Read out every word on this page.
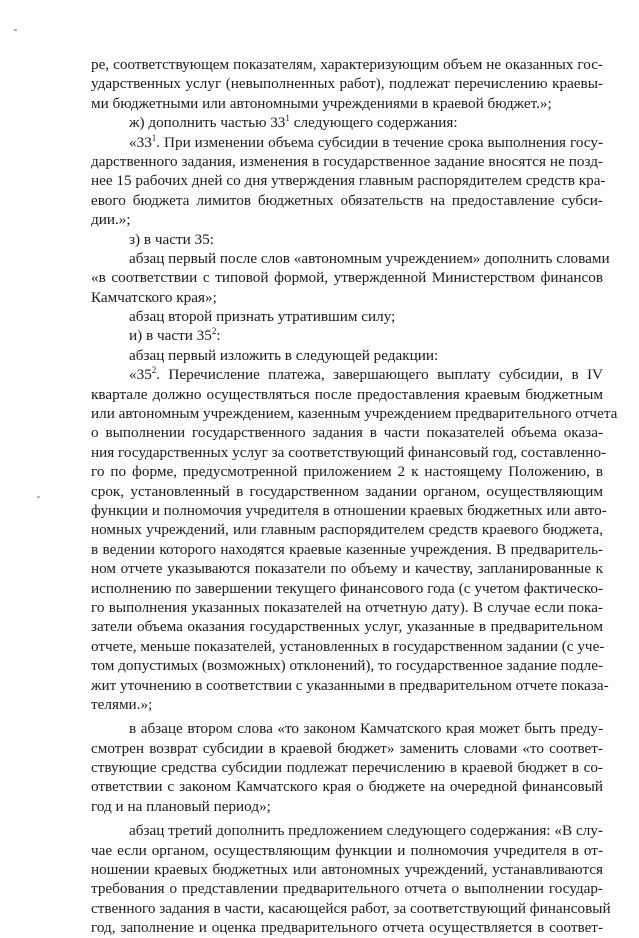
ре, соответствующем показателям, характеризующим объем не оказанных гос-
ударственных услуг (невыполненных работ), подлежат перечислению краевы-
ми бюджетными или автономными учреждениями в краевой бюджет.»;
ж) дополнить частью $33^1$ следующего содержания:
«$33^1$. При изменении объема субсидии в течение срока выполнения госу-
дарственного задания, изменения в государственное задание вносятся не позд-
нее 15 рабочих дней со дня утверждения главным распорядителем средств кра-
евого бюджета лимитов бюджетных обязательств на предоставление субси-
дии.»;
з) в части 35:
абзац первый после слов «автономным учреждением» дополнить словами
«в соответствии с типовой формой, утвержденной Министерством финансов
Камчатского края»;
абзац второй признать утратившим силу;
и) в части $35^2$:
абзац первый изложить в следующей редакции:
«$35^2$. Перечисление платежа, завершающего выплату субсидии, в IV
квартале должно осуществляться после предоставления краевым бюджетным
или автономным учреждением, казенным учреждением предварительного отчета
о выполнении государственного задания в части показателей объема оказа-
ния государственных услуг за соответствующий финансовый год, составленно-
го по форме, предусмотренной приложением 2 к настоящему Положению, в
срок, установленный в государственном задании органом, осуществляющим
функции и полномочия учредителя в отношении краевых бюджетных или авто-
номных учреждений, или главным распорядителем средств краевого бюджета,
в ведении которого находятся краевые казенные учреждения. В предваритель-
ном отчете указываются показатели по объему и качеству, запланированные к
исполнению по завершении текущего финансового года (с учетом фактическо-
го выполнения указанных показателей на отчетную дату). В случае если пока-
затели объема оказания государственных услуг, указанные в предварительном
отчете, меньше показателей, установленных в государственном задании (с уче-
том допустимых (возможных) отклонений), то государственное задание подле-
жит уточнению в соответствии с указанными в предварительном отчете показа-
телями.»;
в абзаце втором слова «то законом Камчатского края может быть преду-
смотрен возврат субсидии в краевой бюджет» заменить словами «то соответ-
ствующие средства субсидии подлежат перечислению в краевой бюджет в со-
ответствии с законом Камчатского края о бюджете на очередной финансовый
год и на плановый период»;
абзац третий дополнить предложением следующего содержания: «В слу-
чае если органом, осуществляющим функции и полномочия учредителя в от-
ношении краевых бюджетных или автономных учреждений, устанавливаются
требования о представлении предварительного отчета о выполнении государ-
ственного задания в части, касающейся работ, за соответствующий финансовый
год, заполнение и оценка предварительного отчета осуществляется в соответ-
